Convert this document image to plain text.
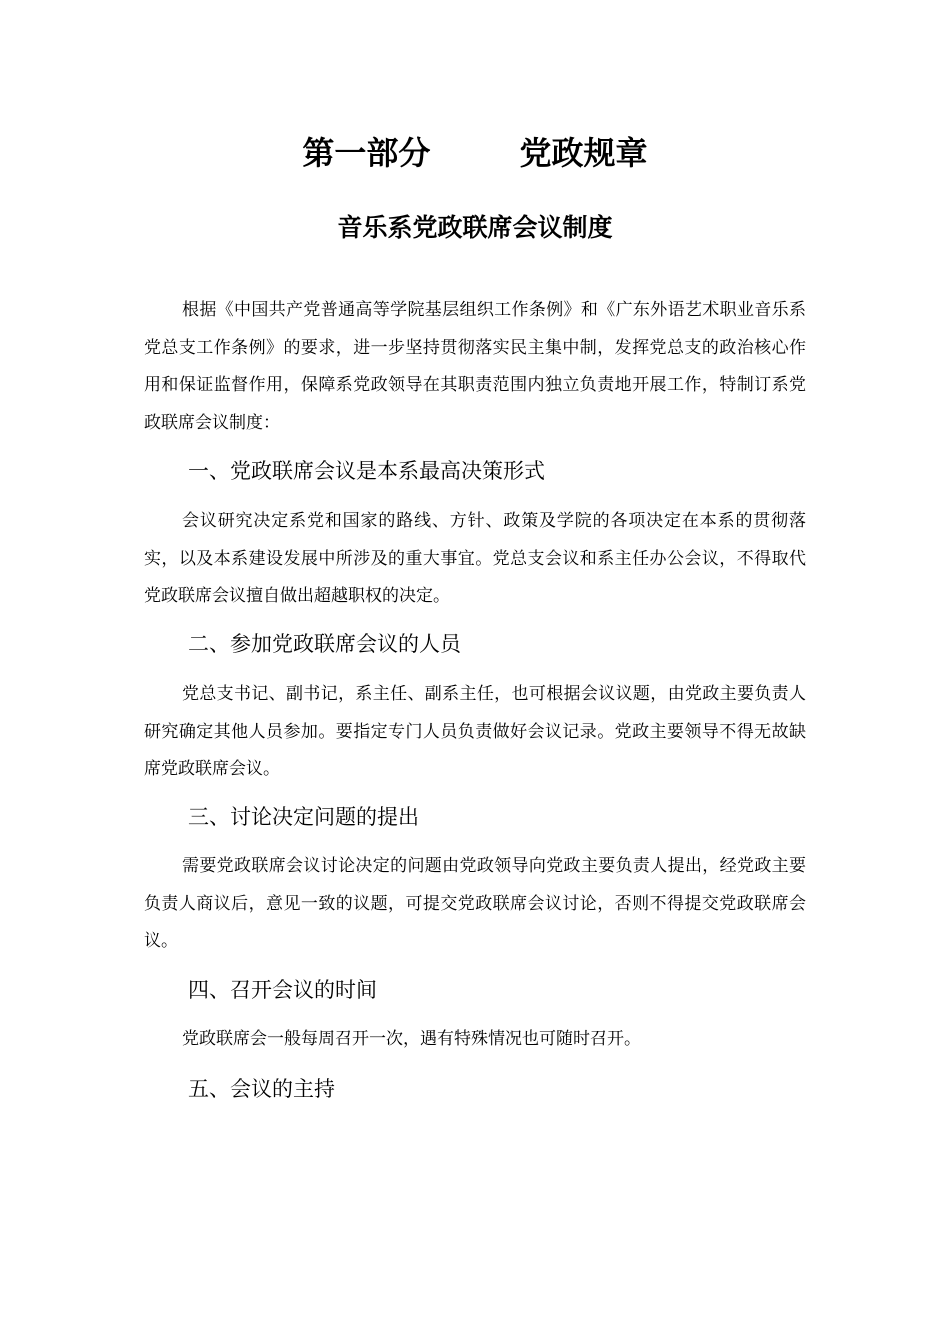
第一部分        党政规章
音乐系党政联席会议制度
根据《中国共产党普通高等学院基层组织工作条例》和《广东外语艺术职业音乐系党总支工作条例》的要求，进一步坚持贯彻落实民主集中制，发挥党总支的政治核心作用和保证监督作用，保障系党政领导在其职责范围内独立负责地开展工作，特制订系党政联席会议制度：
一、党政联席会议是本系最高决策形式
会议研究决定系党和国家的路线、方针、政策及学院的各项决定在本系的贯彻落实，以及本系建设发展中所涉及的重大事宜。党总支会议和系主任办公会议，不得取代党政联席会议擅自做出超越职权的决定。
二、参加党政联席会议的人员
党总支书记、副书记，系主任、副系主任，也可根据会议议题，由党政主要负责人研究确定其他人员参加。要指定专门人员负责做好会议记录。党政主要领导不得无故缺席党政联席会议。
三、讨论决定问题的提出
需要党政联席会议讨论决定的问题由党政领导向党政主要负责人提出，经党政主要负责人商议后，意见一致的议题，可提交党政联席会议讨论，否则不得提交党政联席会议。
四、召开会议的时间
党政联席会一般每周召开一次，遇有特殊情况也可随时召开。
五、会议的主持
